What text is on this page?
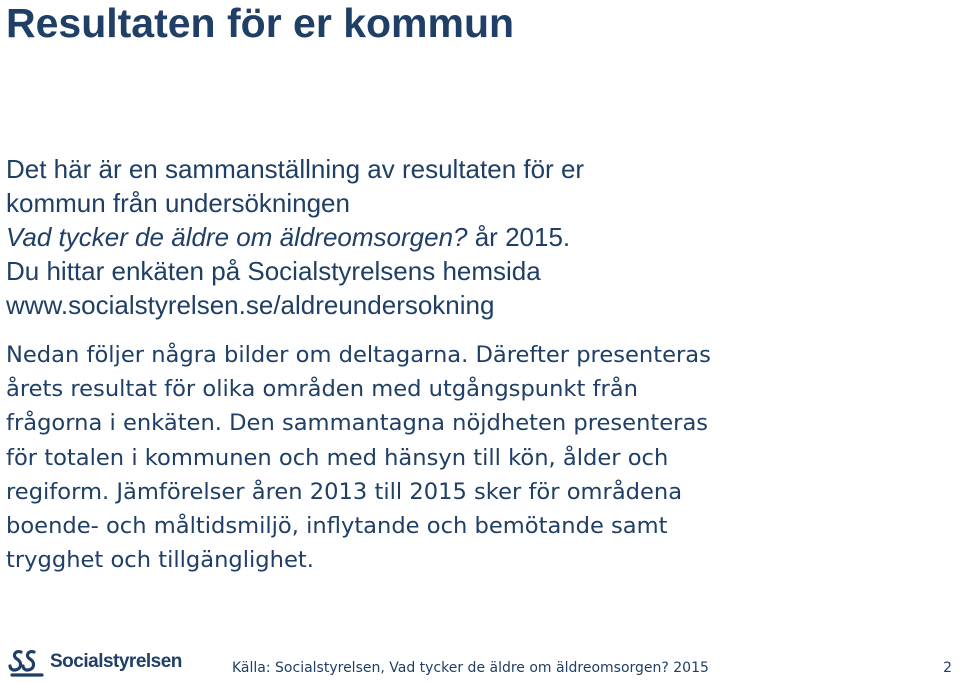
Resultaten för er kommun
Det här är en sammanställning av resultaten för er
kommun från undersökningen
Vad tycker de äldre om äldreomsorgen? år 2015.
Du hittar enkäten på Socialstyrelsens hemsida
www.socialstyrelsen.se/aldreundersokning
Nedan följer några bilder om deltagarna. Därefter presenteras
årets resultat för olika områden med utgångspunkt från
frågorna i enkäten. Den sammantagna nöjdheten presenteras
för totalen i kommunen och med hänsyn till kön, ålder och
regiform. Jämförelser åren 2013 till 2015 sker för områdena
boende- och måltidsmiljö, inflytande och bemötande samt
trygghet och tillgänglighet.
Socialstyrelsen	Källa: Socialstyrelsen, Vad tycker de äldre om äldreomsorgen? 2015	2
